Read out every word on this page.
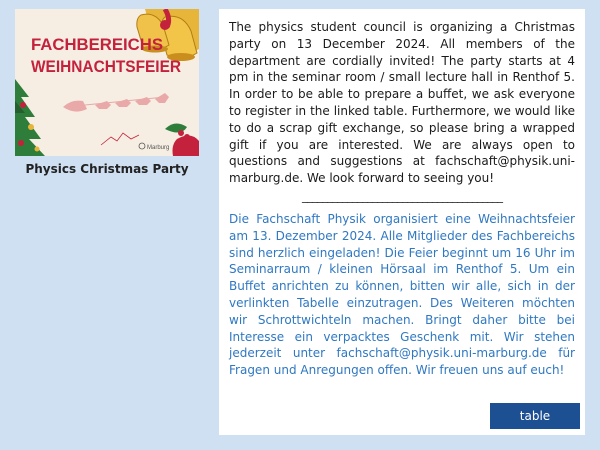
FACHBEREICHS
WEIHNACHTSFEIER
Marburg
Physics Christmas Party

The physics student council is organizing a Christmas party on 13 December 2024. All members of the department are cordially invited! The party starts at 4 pm in the seminar room / small lecture hall in Renthof 5. In order to be able to prepare a buffet, we ask everyone to register in the linked table. Furthermore, we would like to do a scrap gift exchange, so please bring a wrapped gift if you are interested. We are always open to questions and suggestions at fachschaft@physik.uni-marburg.de. We look forward to seeing you!

________________________________________

Die Fachschaft Physik organisiert eine Weihnachtsfeier am 13. Dezember 2024. Alle Mitglieder des Fachbereichs sind herzlich eingeladen! Die Feier beginnt um 16 Uhr im Seminarraum / kleinen Hörsaal im Renthof 5. Um ein Buffet anrichten zu können, bitten wir alle, sich in der verlinkten Tabelle einzutragen. Des Weiteren möchten wir Schrottwichteln machen. Bringt daher bitte bei Interesse ein verpacktes Geschenk mit. Wir stehen jederzeit unter fachschaft@physik.uni-marburg.de für Fragen und Anregungen offen. Wir freuen uns auf euch!

table
